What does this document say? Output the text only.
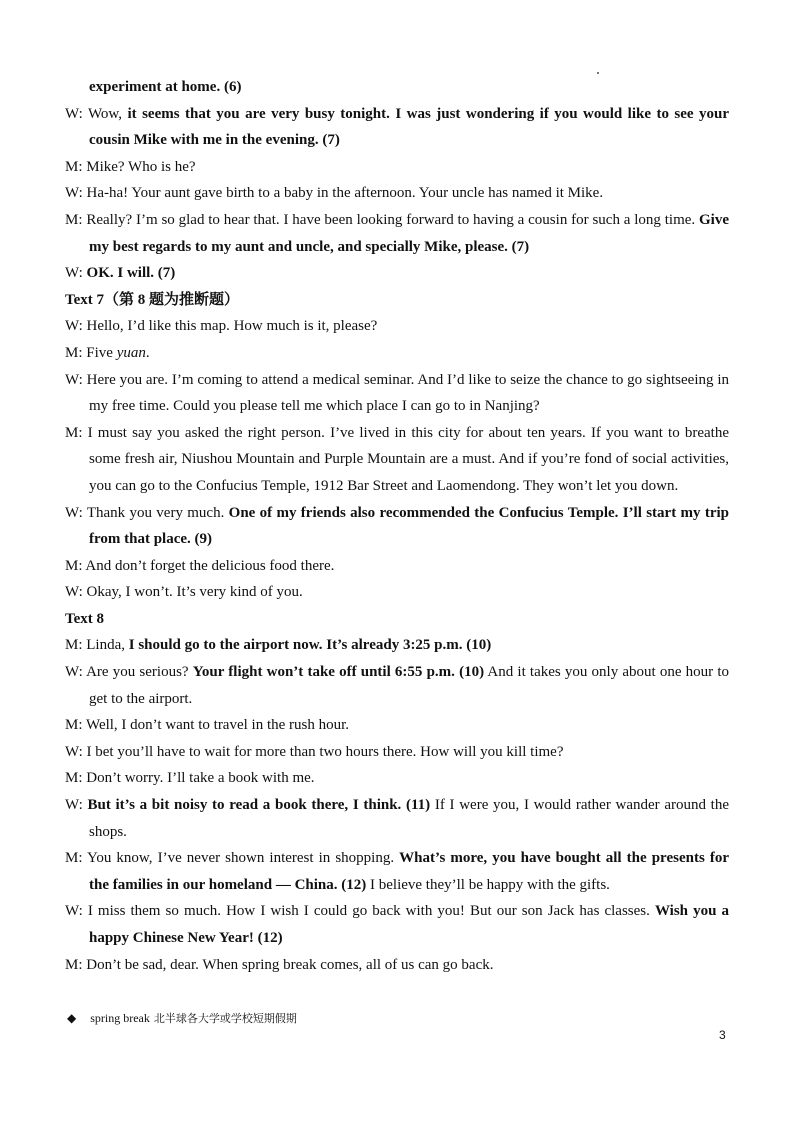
experiment at home. (6)

W: Wow, it seems that you are very busy tonight. I was just wondering if you would like to see your cousin Mike with me in the evening. (7)

M: Mike? Who is he?

W: Ha-ha! Your aunt gave birth to a baby in the afternoon. Your uncle has named it Mike.

M: Really? I’m so glad to hear that. I have been looking forward to having a cousin for such a long time. Give my best regards to my aunt and uncle, and specially Mike, please. (7)

W: OK. I will. (7)

Text 7（第 8 题为推断题）

W: Hello, I’d like this map. How much is it, please?

M: Five yuan.

W: Here you are. I’m coming to attend a medical seminar. And I’d like to seize the chance to go sightseeing in my free time. Could you please tell me which place I can go to in Nanjing?

M: I must say you asked the right person. I’ve lived in this city for about ten years. If you want to breathe some fresh air, Niushou Mountain and Purple Mountain are a must. And if you’re fond of social activities, you can go to the Confucius Temple, 1912 Bar Street and Laomendong. They won’t let you down.

W: Thank you very much. One of my friends also recommended the Confucius Temple. I’ll start my trip from that place. (9)

M: And don’t forget the delicious food there.

W: Okay, I won’t. It’s very kind of you.

Text 8

M: Linda, I should go to the airport now. It’s already 3:25 p.m. (10)

W: Are you serious? Your flight won’t take off until 6:55 p.m. (10) And it takes you only about one hour to get to the airport.

M: Well, I don’t want to travel in the rush hour.

W: I bet you’ll have to wait for more than two hours there. How will you kill time?

M: Don’t worry. I’ll take a book with me.

W: But it’s a bit noisy to read a book there, I think. (11) If I were you, I would rather wander around the shops.

M: You know, I’ve never shown interest in shopping. What’s more, you have bought all the presents for the families in our homeland — China. (12) I believe they’ll be happy with the gifts.

W: I miss them so much. How I wish I could go back with you! But our son Jack has classes. Wish you a happy Chinese New Year! (12)

M: Don’t be sad, dear. When spring break comes, all of us can go back.

◆ spring break 北半球各大学或学校短期假期
3
